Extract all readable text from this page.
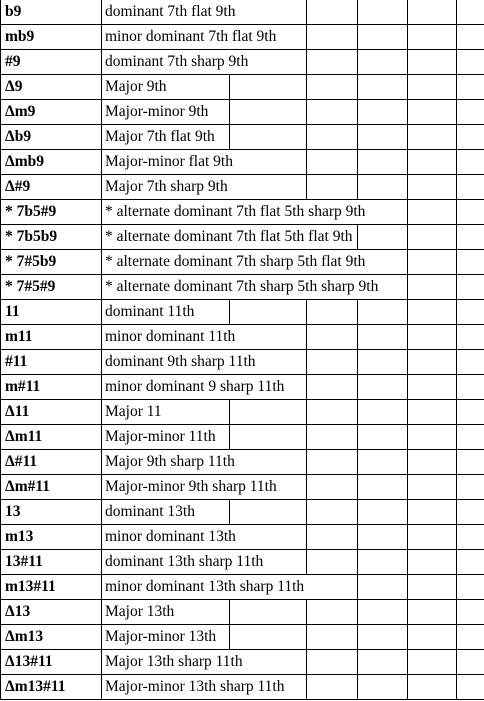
b9	dominant 7th flat 9th
mb9	minor dominant 7th flat 9th
#9	dominant 7th sharp 9th
Δ9	Major 9th
Δm9	Major-minor 9th
Δb9	Major 7th flat 9th
Δmb9	Major-minor flat 9th
Δ#9	Major 7th sharp 9th
* 7b5#9	* alternate dominant 7th flat 5th sharp 9th
* 7b5b9	* alternate dominant 7th flat 5th flat 9th
* 7#5b9	* alternate dominant 7th sharp 5th flat 9th
* 7#5#9	* alternate dominant 7th sharp 5th sharp 9th
11	dominant 11th
m11	minor dominant 11th
#11	dominant 9th sharp 11th
m#11	minor dominant 9 sharp 11th
Δ11	Major 11
Δm11	Major-minor 11th
Δ#11	Major 9th sharp 11th
Δm#11	Major-minor 9th sharp 11th
13	dominant 13th
m13	minor dominant 13th
13#11	dominant 13th sharp 11th
m13#11	minor dominant 13th sharp 11th
Δ13	Major 13th
Δm13	Major-minor 13th
Δ13#11	Major 13th sharp 11th
Δm13#11	Major-minor 13th sharp 11th
